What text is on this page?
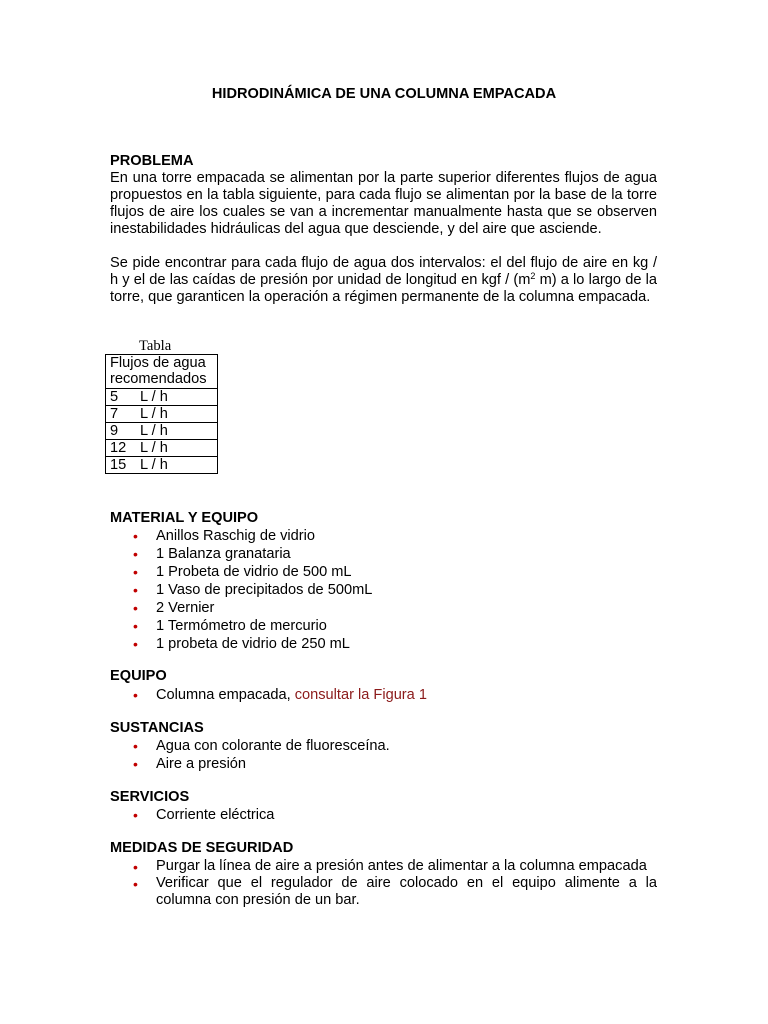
HIDRODINÁMICA DE UNA COLUMNA EMPACADA
PROBLEMA

En una torre empacada se alimentan por la parte superior diferentes flujos de agua propuestos en la tabla siguiente, para cada flujo se alimentan por la base de la torre flujos de aire los cuales se van a incrementar manualmente hasta que se observen inestabilidades hidráulicas del agua que desciende, y del aire que asciende.

Se pide encontrar para cada flujo de agua dos intervalos: el del flujo de aire en kg / h y el de las caídas de presión por unidad de longitud en kgf / ($m^2$ m) a lo largo de la torre, que garanticen la operación a régimen permanente de la columna empacada.

Tabla
Flujos de agua
recomendados
5 L / h
7 L / h
9 L / h
12 L / h
15 L / h
MATERIAL Y EQUIPO
• Anillos Raschig de vidrio
• 1 Balanza granataria
• 1 Probeta de vidrio de 500 mL
• 1 Vaso de precipitados de 500mL
• 2 Vernier
• 1 Termómetro de mercurio
• 1 probeta de vidrio de 250 mL
EQUIPO
• Columna empacada, consultar la Figura 1
SUSTANCIAS
• Agua con colorante de fluoresceína.
• Aire a presión
SERVICIOS
• Corriente eléctrica
MEDIDAS DE SEGURIDAD
• Purgar la línea de aire a presión antes de alimentar a la columna empacada
• Verificar que el regulador de aire colocado en el equipo alimente a la columna con presión de un bar.
